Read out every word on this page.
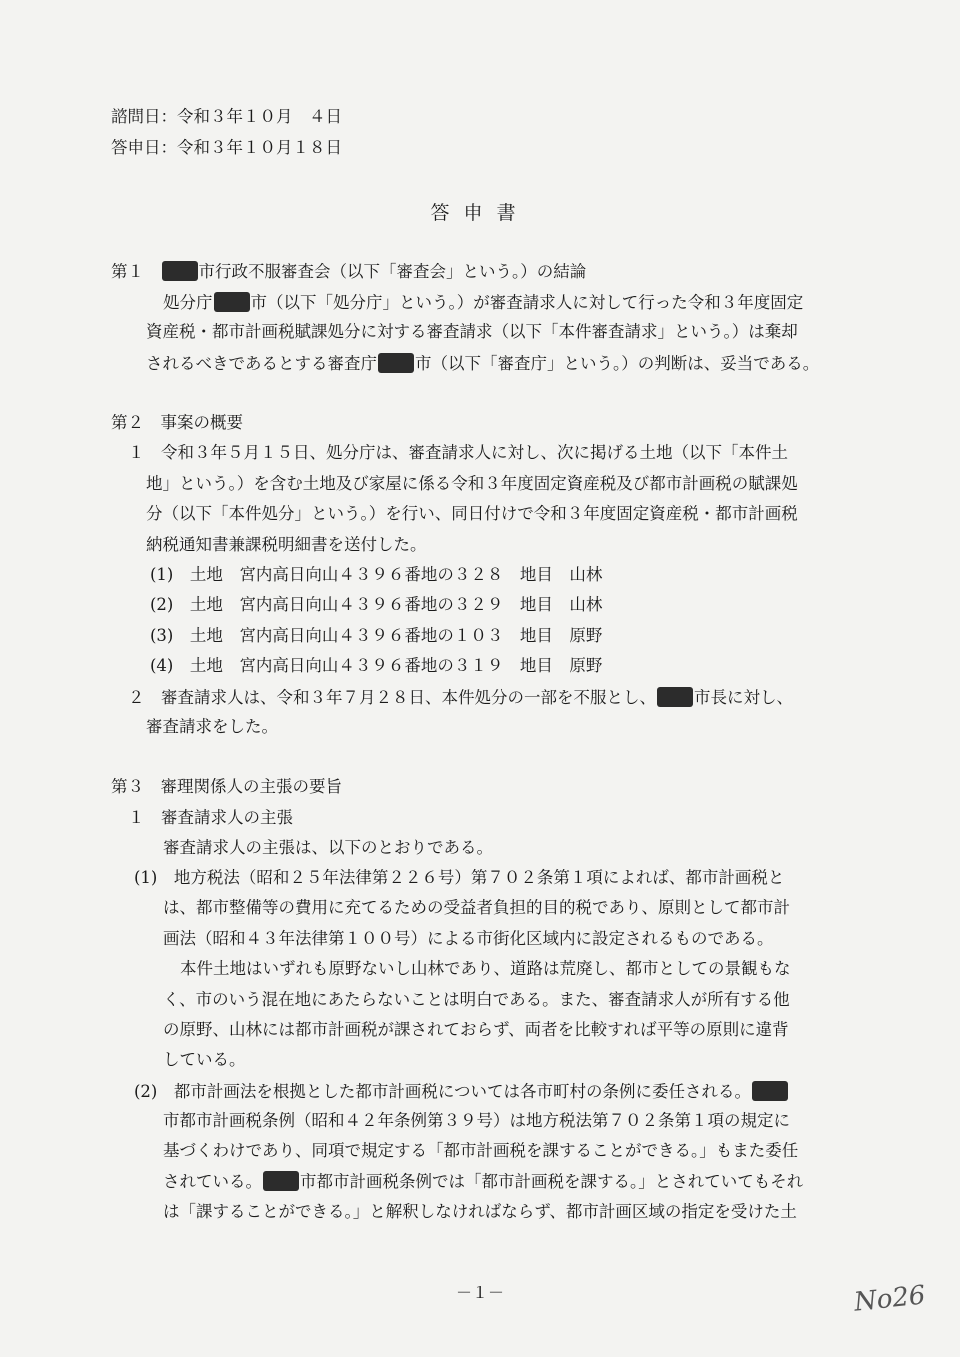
諮問日：令和３年１０月　４日
答申日：令和３年１０月１８日
答申書
第１　市行政不服審査会（以下「審査会」という。）の結論
処分庁 市（以下「処分庁」という。）が審査請求人に対して行った令和３年度固定
資産税・都市計画税賦課処分に対する審査請求（以下「本件審査請求」という。）は棄却
されるべきであるとする審査庁 市（以下「審査庁」という。）の判断は、妥当である。
第２　事案の概要
１　令和３年５月１５日、処分庁は、審査請求人に対し、次に掲げる土地（以下「本件土
地」という。）を含む土地及び家屋に係る令和３年度固定資産税及び都市計画税の賦課処
分（以下「本件処分」という。）を行い、同日付けで令和３年度固定資産税・都市計画税
納税通知書兼課税明細書を送付した。
(1)　土地　宮内高日向山４３９６番地の３２８　地目　山林
(2)　土地　宮内高日向山４３９６番地の３２９　地目　山林
(3)　土地　宮内高日向山４３９６番地の１０３　地目　原野
(4)　土地　宮内高日向山４３９６番地の３１９　地目　原野
２　審査請求人は、令和３年７月２８日、本件処分の一部を不服とし、 市長に対し、
審査請求をした。
第３　審理関係人の主張の要旨
１　審査請求人の主張
審査請求人の主張は、以下のとおりである。
(1)　地方税法（昭和２５年法律第２２６号）第７０２条第１項によれば、都市計画税と
は、都市整備等の費用に充てるための受益者負担的目的税であり、原則として都市計
画法（昭和４３年法律第１００号）による市街化区域内に設定されるものである。
本件土地はいずれも原野ないし山林であり、道路は荒廃し、都市としての景観もな
く、市のいう混在地にあたらないことは明白である。また、審査請求人が所有する他
の原野、山林には都市計画税が課されておらず、両者を比較すれば平等の原則に違背
している。
(2)　都市計画法を根拠とした都市計画税については各市町村の条例に委任される。
市都市計画税条例（昭和４２年条例第３９号）は地方税法第７０２条第１項の規定に
基づくわけであり、同項で規定する「都市計画税を課することができる。」もまた委任
されている。 市都市計画税条例では「都市計画税を課する。」とされていてもそれ
は「課することができる。」と解釈しなければならず、都市計画区域の指定を受けた土
－１－	No26
